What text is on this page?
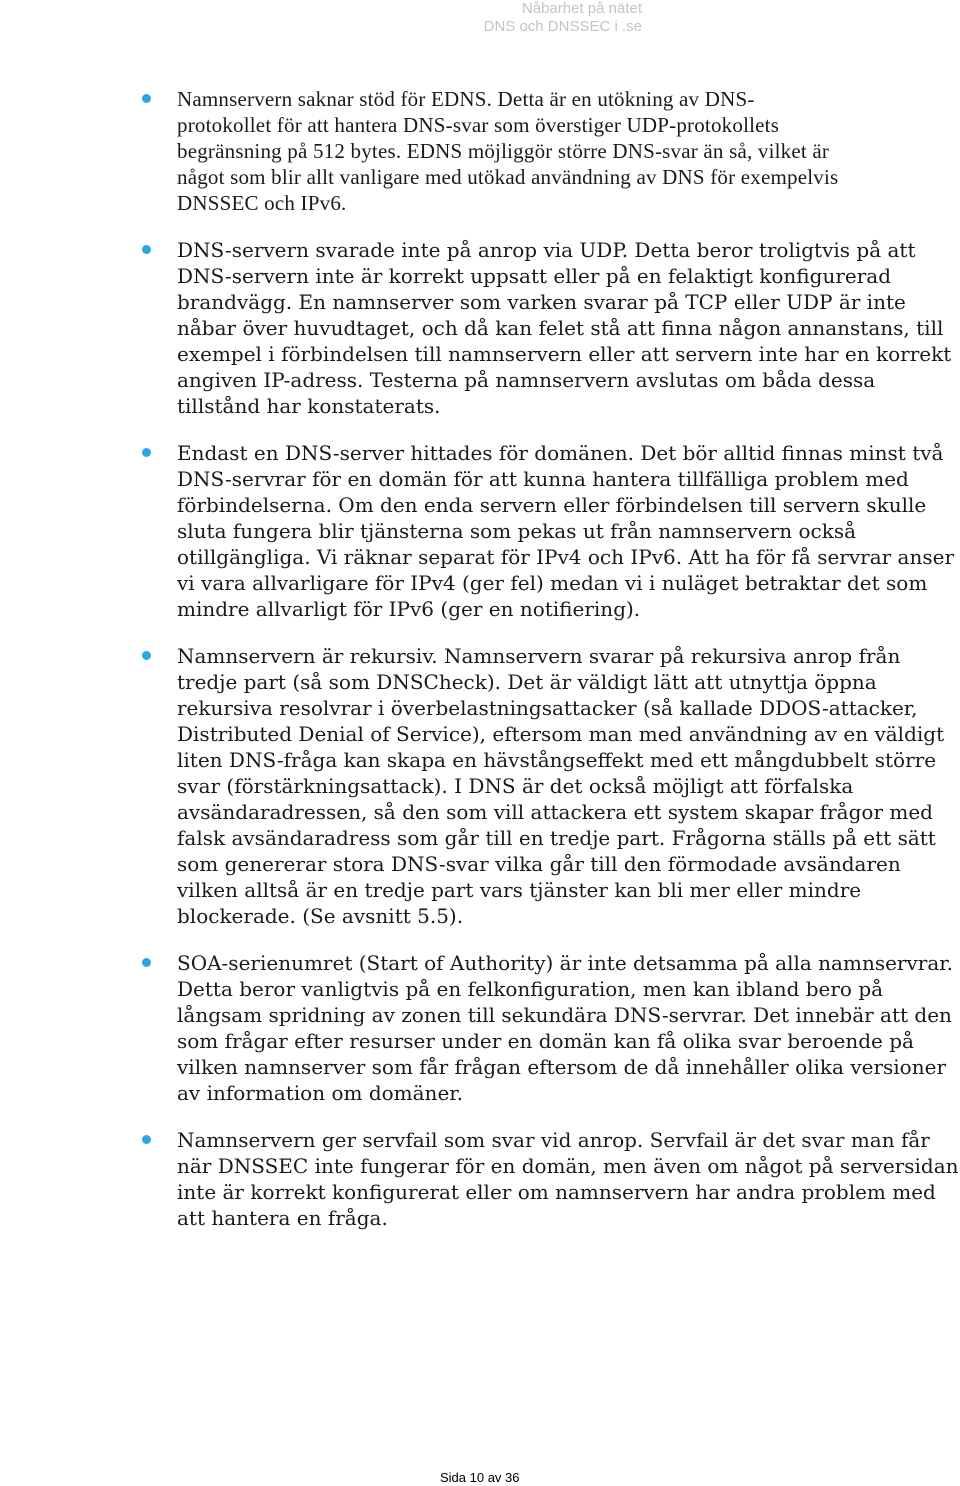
Nåbarhet på nätet
DNS och DNSSEC i .se

Namnservern saknar stöd för EDNS. Detta är en utökning av DNS-
protokollet för att hantera DNS-svar som överstiger UDP-protokollets
begränsning på 512 bytes. EDNS möjliggör större DNS-svar än så, vilket är
något som blir allt vanligare med utökad användning av DNS för exempelvis
DNSSEC och IPv6.

DNS-servern svarade inte på anrop via UDP. Detta beror troligtvis på att
DNS-servern inte är korrekt uppsatt eller på en felaktigt konfigurerad
brandvägg. En namnserver som varken svarar på TCP eller UDP är inte
nåbar över huvudtaget, och då kan felet stå att finna någon annanstans, till
exempel i förbindelsen till namnservern eller att servern inte har en korrekt
angiven IP-adress. Testerna på namnservern avslutas om båda dessa
tillstånd har konstaterats.

Endast en DNS-server hittades för domänen. Det bör alltid finnas minst två
DNS-servrar för en domän för att kunna hantera tillfälliga problem med
förbindelserna. Om den enda servern eller förbindelsen till servern skulle
sluta fungera blir tjänsterna som pekas ut från namnservern också
otillgängliga. Vi räknar separat för IPv4 och IPv6. Att ha för få servrar anser
vi vara allvarligare för IPv4 (ger fel) medan vi i nuläget betraktar det som
mindre allvarligt för IPv6 (ger en notifiering).

Namnservern är rekursiv. Namnservern svarar på rekursiva anrop från
tredje part (så som DNSCheck). Det är väldigt lätt att utnyttja öppna
rekursiva resolvrar i överbelastningsattacker (så kallade DDOS-attacker,
Distributed Denial of Service), eftersom man med användning av en väldigt
liten DNS-fråga kan skapa en hävstångseffekt med ett mångdubbelt större
svar (förstärkningsattack). I DNS är det också möjligt att förfalska
avsändaradressen, så den som vill attackera ett system skapar frågor med
falsk avsändaradress som går till en tredje part. Frågorna ställs på ett sätt
som genererar stora DNS-svar vilka går till den förmodade avsändaren
vilken alltså är en tredje part vars tjänster kan bli mer eller mindre
blockerade. (Se avsnitt 5.5).

SOA-serienumret (Start of Authority) är inte detsamma på alla namnservrar.
Detta beror vanligtvis på en felkonfiguration, men kan ibland bero på
långsam spridning av zonen till sekundära DNS-servrar. Det innebär att den
som frågar efter resurser under en domän kan få olika svar beroende på
vilken namnserver som får frågan eftersom de då innehåller olika versioner
av information om domäner.

Namnservern ger servfail som svar vid anrop. Servfail är det svar man får
när DNSSEC inte fungerar för en domän, men även om något på serversidan
inte är korrekt konfigurerat eller om namnservern har andra problem med
att hantera en fråga.

Sida 10 av 36
